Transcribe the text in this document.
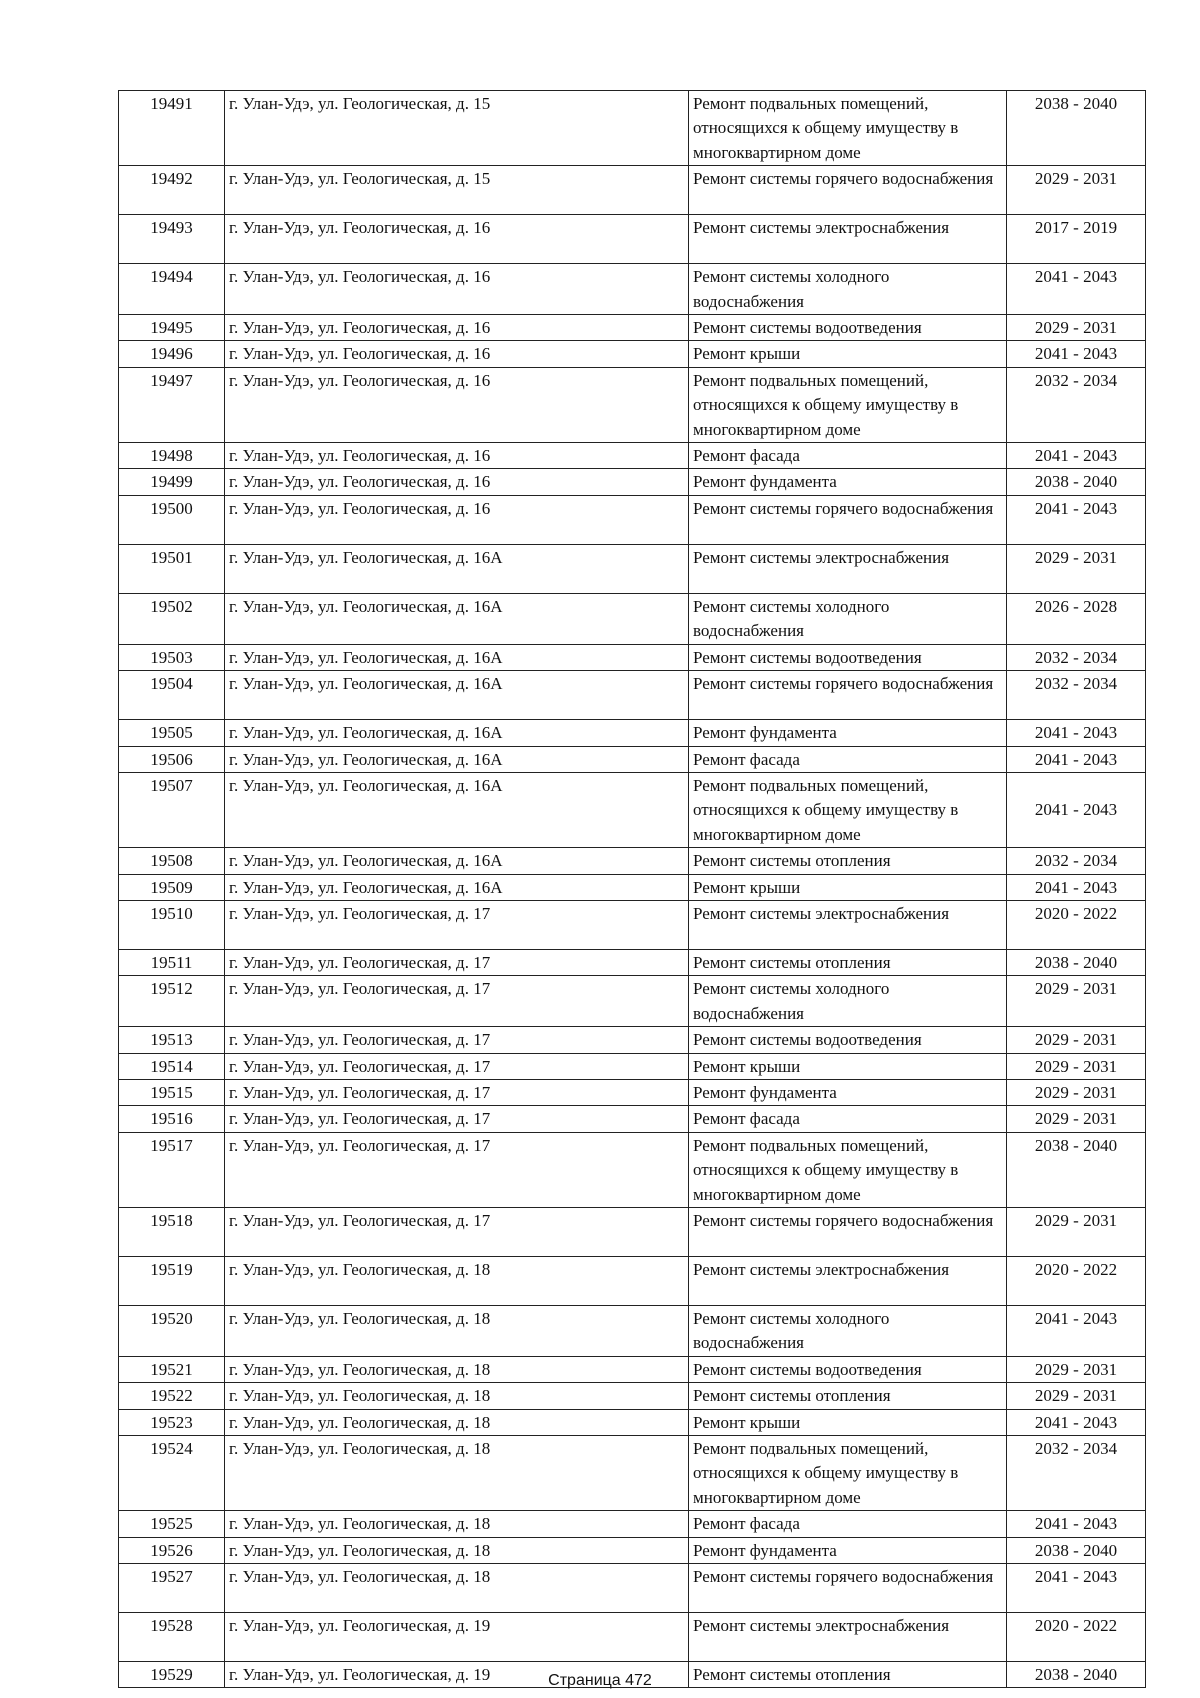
19491	г. Улан-Удэ, ул. Геологическая, д. 15	Ремонт подвальных помещений, относящихся к общему имуществу в многоквартирном доме	2038 - 2040
19492	г. Улан-Удэ, ул. Геологическая, д. 15	Ремонт системы горячего водоснабжения	2029 - 2031
19493	г. Улан-Удэ, ул. Геологическая, д. 16	Ремонт системы электроснабжения	2017 - 2019
19494	г. Улан-Удэ, ул. Геологическая, д. 16	Ремонт системы холодного водоснабжения	2041 - 2043
19495	г. Улан-Удэ, ул. Геологическая, д. 16	Ремонт системы водоотведения	2029 - 2031
19496	г. Улан-Удэ, ул. Геологическая, д. 16	Ремонт крыши	2041 - 2043
19497	г. Улан-Удэ, ул. Геологическая, д. 16	Ремонт подвальных помещений, относящихся к общему имуществу в многоквартирном доме	2032 - 2034
19498	г. Улан-Удэ, ул. Геологическая, д. 16	Ремонт фасада	2041 - 2043
19499	г. Улан-Удэ, ул. Геологическая, д. 16	Ремонт фундамента	2038 - 2040
19500	г. Улан-Удэ, ул. Геологическая, д. 16	Ремонт системы горячего водоснабжения	2041 - 2043
19501	г. Улан-Удэ, ул. Геологическая, д. 16А	Ремонт системы электроснабжения	2029 - 2031
19502	г. Улан-Удэ, ул. Геологическая, д. 16А	Ремонт системы холодного водоснабжения	2026 - 2028
19503	г. Улан-Удэ, ул. Геологическая, д. 16А	Ремонт системы водоотведения	2032 - 2034
19504	г. Улан-Удэ, ул. Геологическая, д. 16А	Ремонт системы горячего водоснабжения	2032 - 2034
19505	г. Улан-Удэ, ул. Геологическая, д. 16А	Ремонт фундамента	2041 - 2043
19506	г. Улан-Удэ, ул. Геологическая, д. 16А	Ремонт фасада	2041 - 2043
19507	г. Улан-Удэ, ул. Геологическая, д. 16А	Ремонт подвальных помещений, относящихся к общему имуществу в многоквартирном доме	2041 - 2043
19508	г. Улан-Удэ, ул. Геологическая, д. 16А	Ремонт системы отопления	2032 - 2034
19509	г. Улан-Удэ, ул. Геологическая, д. 16А	Ремонт крыши	2041 - 2043
19510	г. Улан-Удэ, ул. Геологическая, д. 17	Ремонт системы электроснабжения	2020 - 2022
19511	г. Улан-Удэ, ул. Геологическая, д. 17	Ремонт системы отопления	2038 - 2040
19512	г. Улан-Удэ, ул. Геологическая, д. 17	Ремонт системы холодного водоснабжения	2029 - 2031
19513	г. Улан-Удэ, ул. Геологическая, д. 17	Ремонт системы водоотведения	2029 - 2031
19514	г. Улан-Удэ, ул. Геологическая, д. 17	Ремонт крыши	2029 - 2031
19515	г. Улан-Удэ, ул. Геологическая, д. 17	Ремонт фундамента	2029 - 2031
19516	г. Улан-Удэ, ул. Геологическая, д. 17	Ремонт фасада	2029 - 2031
19517	г. Улан-Удэ, ул. Геологическая, д. 17	Ремонт подвальных помещений, относящихся к общему имуществу в многоквартирном доме	2038 - 2040
19518	г. Улан-Удэ, ул. Геологическая, д. 17	Ремонт системы горячего водоснабжения	2029 - 2031
19519	г. Улан-Удэ, ул. Геологическая, д. 18	Ремонт системы электроснабжения	2020 - 2022
19520	г. Улан-Удэ, ул. Геологическая, д. 18	Ремонт системы холодного водоснабжения	2041 - 2043
19521	г. Улан-Удэ, ул. Геологическая, д. 18	Ремонт системы водоотведения	2029 - 2031
19522	г. Улан-Удэ, ул. Геологическая, д. 18	Ремонт системы отопления	2029 - 2031
19523	г. Улан-Удэ, ул. Геологическая, д. 18	Ремонт крыши	2041 - 2043
19524	г. Улан-Удэ, ул. Геологическая, д. 18	Ремонт подвальных помещений, относящихся к общему имуществу в многоквартирном доме	2032 - 2034
19525	г. Улан-Удэ, ул. Геологическая, д. 18	Ремонт фасада	2041 - 2043
19526	г. Улан-Удэ, ул. Геологическая, д. 18	Ремонт фундамента	2038 - 2040
19527	г. Улан-Удэ, ул. Геологическая, д. 18	Ремонт системы горячего водоснабжения	2041 - 2043
19528	г. Улан-Удэ, ул. Геологическая, д. 19	Ремонт системы электроснабжения	2020 - 2022
19529	г. Улан-Удэ, ул. Геологическая, д. 19	Ремонт системы отопления	2038 - 2040
Страница 472
